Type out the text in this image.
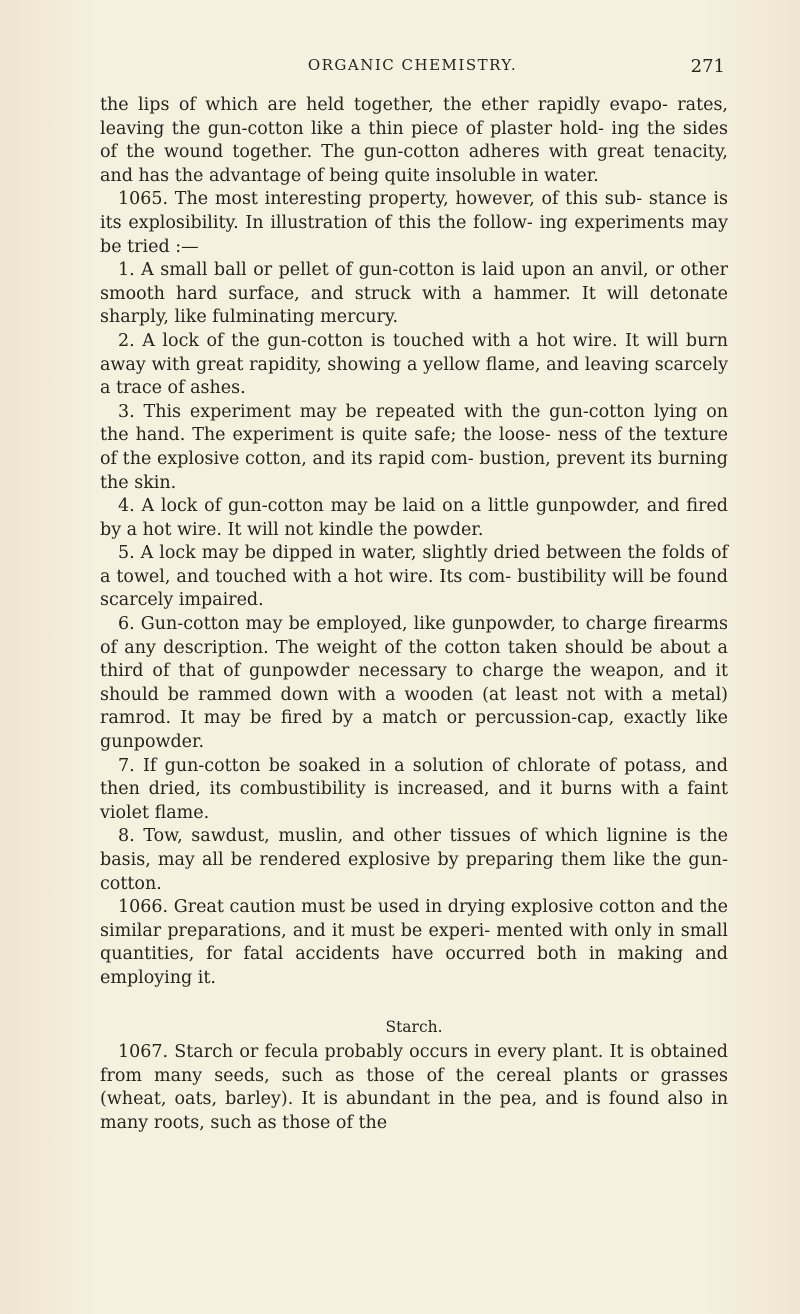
ORGANIC CHEMISTRY.	271

the lips of which are held together, the ether rapidly evapo- rates, leaving the gun-cotton like a thin piece of plaster hold- ing the sides of the wound together. The gun-cotton adheres with great tenacity, and has the advantage of being quite insoluble in water.

1065. The most interesting property, however, of this sub- stance is its explosibility. In illustration of this the follow- ing experiments may be tried :—

1. A small ball or pellet of gun-cotton is laid upon an anvil, or other smooth hard surface, and struck with a hammer. It will detonate sharply, like fulminating mercury.

2. A lock of the gun-cotton is touched with a hot wire. It will burn away with great rapidity, showing a yellow flame, and leaving scarcely a trace of ashes.

3. This experiment may be repeated with the gun-cotton lying on the hand. The experiment is quite safe; the loose- ness of the texture of the explosive cotton, and its rapid com- bustion, prevent its burning the skin.

4. A lock of gun-cotton may be laid on a little gunpowder, and fired by a hot wire. It will not kindle the powder.

5. A lock may be dipped in water, slightly dried between the folds of a towel, and touched with a hot wire. Its com- bustibility will be found scarcely impaired.

6. Gun-cotton may be employed, like gunpowder, to charge firearms of any description. The weight of the cotton taken should be about a third of that of gunpowder necessary to charge the weapon, and it should be rammed down with a wooden (at least not with a metal) ramrod. It may be fired by a match or percussion-cap, exactly like gunpowder.

7. If gun-cotton be soaked in a solution of chlorate of potass, and then dried, its combustibility is increased, and it burns with a faint violet flame.

8. Tow, sawdust, muslin, and other tissues of which lignine is the basis, may all be rendered explosive by preparing them like the gun-cotton.

1066. Great caution must be used in drying explosive cotton and the similar preparations, and it must be experi- mented with only in small quantities, for fatal accidents have occurred both in making and employing it.

Starch.

1067. Starch or fecula probably occurs in every plant. It is obtained from many seeds, such as those of the cereal plants or grasses (wheat, oats, barley). It is abundant in the pea, and is found also in many roots, such as those of the
